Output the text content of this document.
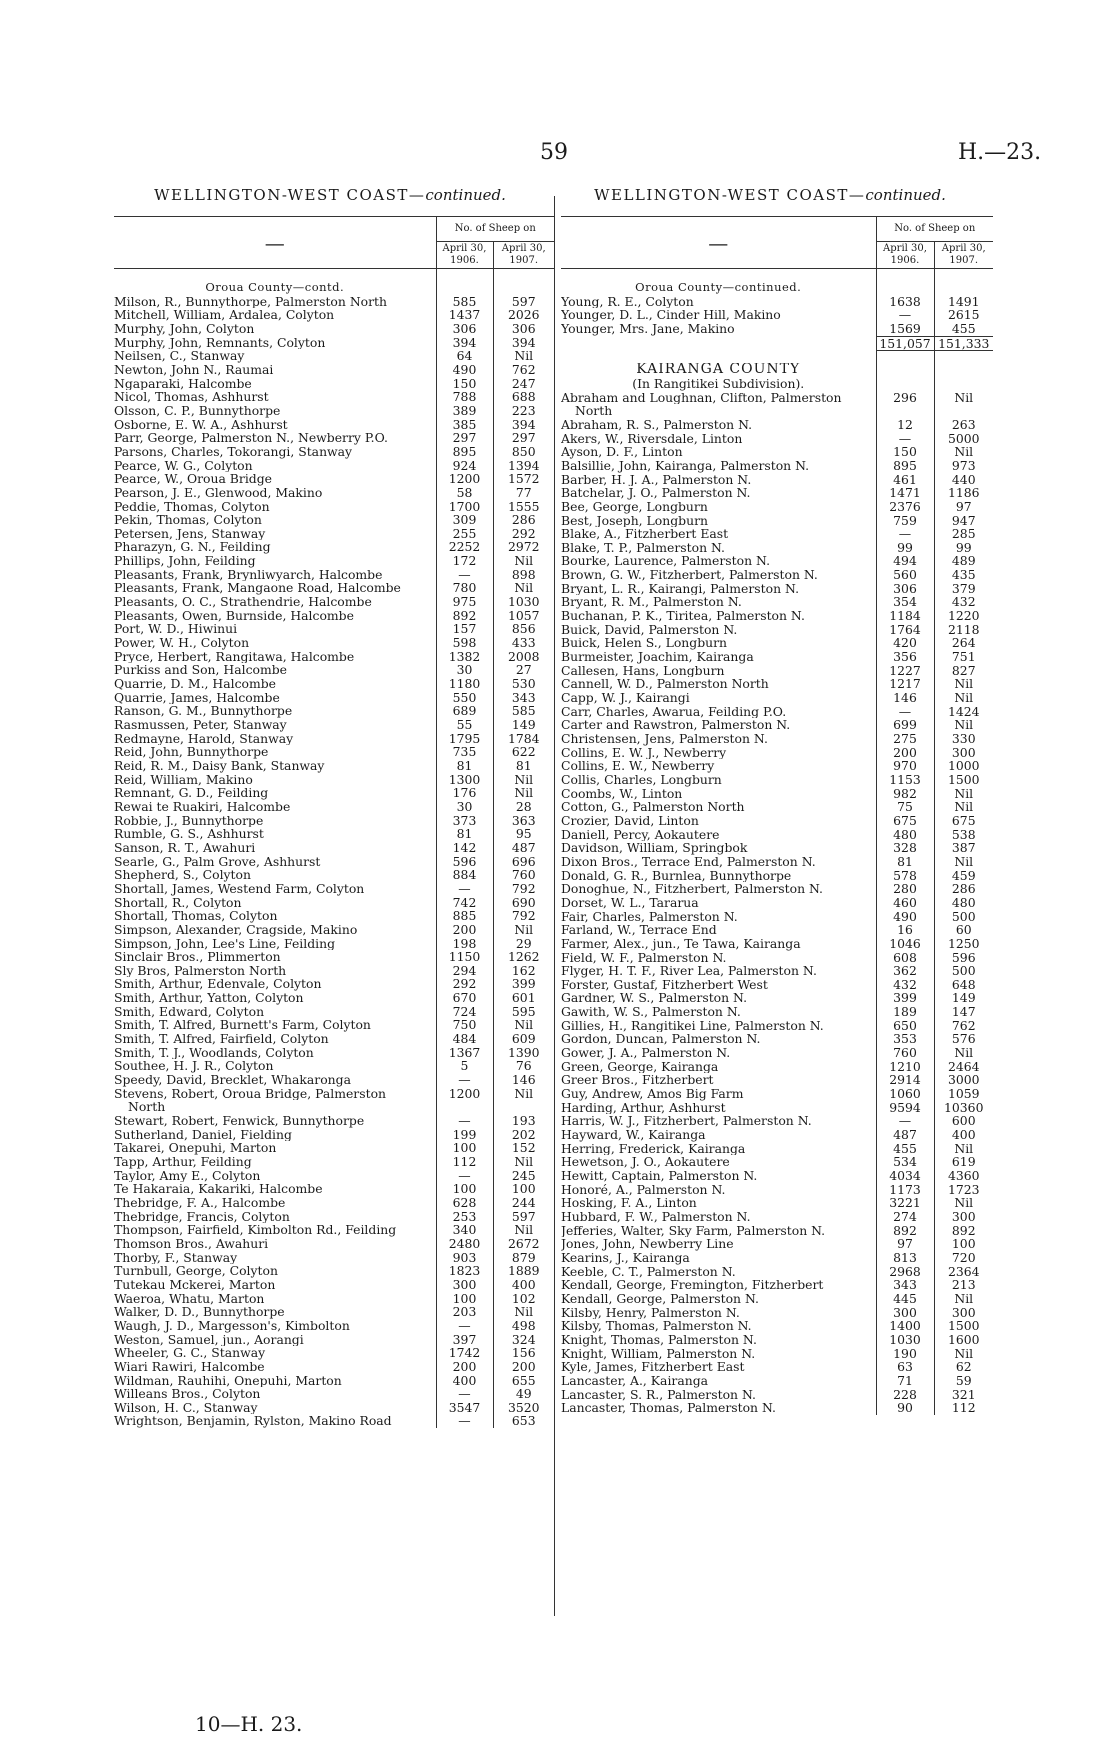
59	H.—23.
WELLINGTON-WEST COAST—continued.	WELLINGTON-WEST COAST—continued.
—	No. of Sheep on	
	April 30, 1906.	April 30, 1907.

Oroua County—contd.		
Milson, R., Bunnythorpe, Palmerston North	585	597
Mitchell, William, Ardalea, Colyton	1437	2026
Murphy, John, Colyton	306	306
Murphy, John, Remnants, Colyton	394	394
Neilsen, C., Stanway	64	Nil
Newton, John N., Raumai	490	762
Ngaparaki, Halcombe	150	247
Nicol, Thomas, Ashhurst	788	688
Olsson, C. P., Bunnythorpe	389	223
Osborne, E. W. A., Ashhurst	385	394
Parr, George, Palmerston N., Newberry P.O.	297	297
Parsons, Charles, Tokorangi, Stanway	895	850
Pearce, W. G., Colyton	924	1394
Pearce, W., Oroua Bridge	1200	1572
Pearson, J. E., Glenwood, Makino	58	77
Peddie, Thomas, Colyton	1700	1555
Pekin, Thomas, Colyton	309	286
Petersen, Jens, Stanway	255	292
Pharazyn, G. N., Feilding	2252	2972
Phillips, John, Feilding	172	Nil
Pleasants, Frank, Brynliwyarch, Halcombe	—	898
Pleasants, Frank, Mangaone Road, Halcombe	780	Nil
Pleasants, O. C., Strathendrie, Halcombe	975	1030
Pleasants, Owen, Burnside, Halcombe	892	1057
Port, W. D., Hiwinui	157	856
Power, W. H., Colyton	598	433
Pryce, Herbert, Rangitawa, Halcombe	1382	2008
Purkiss and Son, Halcombe	30	27
Quarrie, D. M., Halcombe	1180	530
Quarrie, James, Halcombe	550	343
Ranson, G. M., Bunnythorpe	689	585
Rasmussen, Peter, Stanway	55	149
Redmayne, Harold, Stanway	1795	1784
Reid, John, Bunnythorpe	735	622
Reid, R. M., Daisy Bank, Stanway	81	81
Reid, William, Makino	1300	Nil
Remnant, G. D., Feilding	176	Nil
Rewai te Ruakiri, Halcombe	30	28
Robbie, J., Bunnythorpe	373	363
Rumble, G. S., Ashhurst	81	95
Sanson, R. T., Awahuri	142	487
Searle, G., Palm Grove, Ashhurst	596	696
Shepherd, S., Colyton	884	760
Shortall, James, Westend Farm, Colyton	—	792
Shortall, R., Colyton	742	690
Shortall, Thomas, Colyton	885	792
Simpson, Alexander, Cragside, Makino	200	Nil
Simpson, John, Lee's Line, Feilding	198	29
Sinclair Bros., Plimmerton	1150	1262
Sly Bros, Palmerston North	294	162
Smith, Arthur, Edenvale, Colyton	292	399
Smith, Arthur, Yatton, Colyton	670	601
Smith, Edward, Colyton	724	595
Smith, T. Alfred, Burnett's Farm, Colyton	750	Nil
Smith, T. Alfred, Fairfield, Colyton	484	609
Smith, T. J., Woodlands, Colyton	1367	1390
Southee, H. J. R., Colyton	5	76
Speedy, David, Brecklet, Whakaronga	—	146
Stevens, Robert, Oroua Bridge, Palmerston	1200	Nil
North		
Stewart, Robert, Fenwick, Bunnythorpe	—	193
Sutherland, Daniel, Fielding	199	202
Takarei, Onepuhi, Marton	100	152
Tapp, Arthur, Feilding	112	Nil
Taylor, Amy E., Colyton	—	245
Te Hakaraia, Kakariki, Halcombe	100	100
Thebridge, F. A., Halcombe	628	244
Thebridge, Francis, Colyton	253	597
Thompson, Fairfield, Kimbolton Rd., Feilding	340	Nil
Thomson Bros., Awahuri	2480	2672
Thorby, F., Stanway	903	879
Turnbull, George, Colyton	1823	1889
Tutekau Mckerei, Marton	300	400
Waeroa, Whatu, Marton	100	102
Walker, D. D., Bunnythorpe	203	Nil
Waugh, J. D., Margesson's, Kimbolton	—	498
Weston, Samuel, jun., Aorangi	397	324
Wheeler, G. C., Stanway	1742	156
Wiari Rawiri, Halcombe	200	200
Wildman, Rauhihi, Onepuhi, Marton	400	655
Willeans Bros., Colyton	—	49
Wilson, H. C., Stanway	3547	3520
Wrightson, Benjamin, Rylston, Makino Road	—	653
—	No. of Sheep on	
	April 30, 1906.	April 30, 1907.

Oroua County—continued.		
Young, R. E., Colyton	1638	1491
Younger, D. L., Cinder Hill, Makino	—	2615
Younger, Mrs. Jane, Makino	1569	455
	151,057	151,333

KAIRANGA COUNTY		
(In Rangitikei Subdivision).		
Abraham and Loughnan, Clifton, Palmerston	296	Nil
North		
Abraham, R. S., Palmerston N.	12	263
Akers, W., Riversdale, Linton	—	5000
Ayson, D. F., Linton	150	Nil
Balsillie, John, Kairanga, Palmerston N.	895	973
Barber, H. J. A., Palmerston N.	461	440
Batchelar, J. O., Palmerston N.	1471	1186
Bee, George, Longburn	2376	97
Best, Joseph, Longburn	759	947
Blake, A., Fitzherbert East	—	285
Blake, T. P., Palmerston N.	99	99
Bourke, Laurence, Palmerston N.	494	489
Brown, G. W., Fitzherbert, Palmerston N.	560	435
Bryant, L. R., Kairangi, Palmerston N.	306	379
Bryant, R. M., Palmerston N.	354	432
Buchanan, P. K., Tiritea, Palmerston N.	1184	1220
Buick, David, Palmerston N.	1764	2118
Buick, Helen S., Longburn	420	264
Burmeister, Joachim, Kairanga	356	751
Callesen, Hans, Longburn	1227	827
Cannell, W. D., Palmerston North	1217	Nil
Capp, W. J., Kairangi	146	Nil
Carr, Charles, Awarua, Feilding P.O.	—	1424
Carter and Rawstron, Palmerston N.	699	Nil
Christensen, Jens, Palmerston N.	275	330
Collins, E. W. J., Newberry	200	300
Collins, E. W., Newberry	970	1000
Collis, Charles, Longburn	1153	1500
Coombs, W., Linton	982	Nil
Cotton, G., Palmerston North	75	Nil
Crozier, David, Linton	675	675
Daniell, Percy, Aokautere	480	538
Davidson, William, Springbok	328	387
Dixon Bros., Terrace End, Palmerston N.	81	Nil
Donald, G. R., Burnlea, Bunnythorpe	578	459
Donoghue, N., Fitzherbert, Palmerston N.	280	286
Dorset, W. L., Tararua	460	480
Fair, Charles, Palmerston N.	490	500
Farland, W., Terrace End	16	60
Farmer, Alex., jun., Te Tawa, Kairanga	1046	1250
Field, W. F., Palmerston N.	608	596
Flyger, H. T. F., River Lea, Palmerston N.	362	500
Forster, Gustaf, Fitzherbert West	432	648
Gardner, W. S., Palmerston N.	399	149
Gawith, W. S., Palmerston N.	189	147
Gillies, H., Rangitikei Line, Palmerston N.	650	762
Gordon, Duncan, Palmerston N.	353	576
Gower, J. A., Palmerston N.	760	Nil
Green, George, Kairanga	1210	2464
Greer Bros., Fitzherbert	2914	3000
Guy, Andrew, Amos Big Farm	1060	1059
Harding, Arthur, Ashhurst	9594	10360
Harris, W. J., Fitzherbert, Palmerston N.	—	600
Hayward, W., Kairanga	487	400
Herring, Frederick, Kairanga	455	Nil
Hewetson, J. O., Aokautere	534	619
Hewitt, Captain, Palmerston N.	4034	4360
Honoré, A., Palmerston N.	1173	1723
Hosking, F. A., Linton	3221	Nil
Hubbard, F. W., Palmerston N.	274	300
Jefferies, Walter, Sky Farm, Palmerston N.	892	892
Jones, John, Newberry Line	97	100
Kearins, J., Kairanga	813	720
Keeble, C. T., Palmerston N.	2968	2364
Kendall, George, Fremington, Fitzherbert	343	213
Kendall, George, Palmerston N.	445	Nil
Kilsby, Henry, Palmerston N.	300	300
Kilsby, Thomas, Palmerston N.	1400	1500
Knight, Thomas, Palmerston N.	1030	1600
Knight, William, Palmerston N.	190	Nil
Kyle, James, Fitzherbert East	63	62
Lancaster, A., Kairanga	71	59
Lancaster, S. R., Palmerston N.	228	321
Lancaster, Thomas, Palmerston N.	90	112
10—H. 23.
